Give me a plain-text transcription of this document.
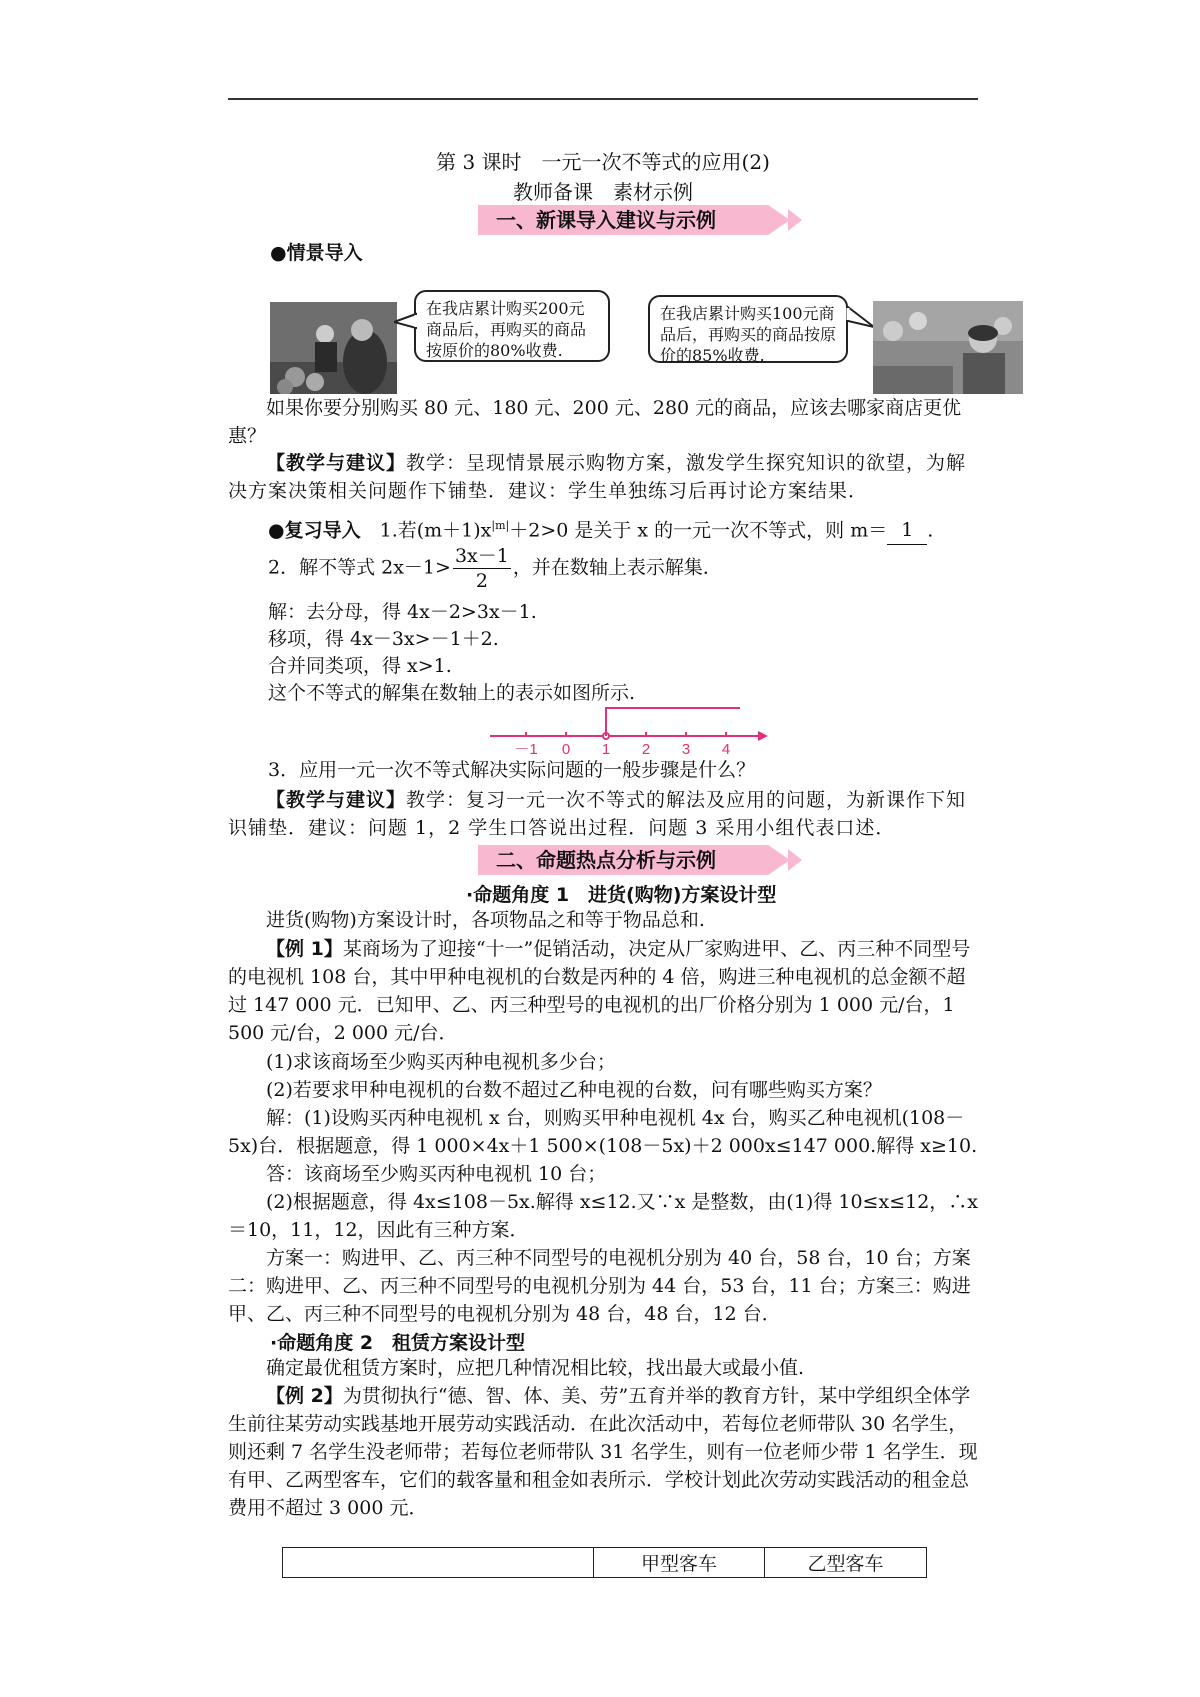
第 3 课时　一元一次不等式的应用(2)
教师备课　素材示例
一、新课导入建议与示例
●情景导入
在我店累计购买200元商品后，再购买的商品按原价的80%收费.
在我店累计购买100元商品后，再购买的商品按原价的85%收费.
如果你要分别购买 80 元、180 元、200 元、280 元的商品，应该去哪家商店更优惠？
【教学与建议】教学：呈现情景展示购物方案，激发学生探究知识的欲望，为解决方案决策相关问题作下铺垫．建议：学生单独练习后再讨论方案结果．
●复习导入　 1.若$(m+1)x^{|m|}+2>0$ 是关于 x 的一元一次不等式，则 m＝ 1 .
2．解不等式 $2x-1> \frac{3x-1}{2}$ ，并在数轴上表示解集．
解：去分母，得 4x－2>3x－1.
移项，得 4x－3x>－1＋2.
合并同类项，得 x>1.
这个不等式的解集在数轴上的表示如图所示.
－1 0 1 2 3 4
3．应用一元一次不等式解决实际问题的一般步骤是什么？
【教学与建议】教学：复习一元一次不等式的解法及应用的问题，为新课作下知识铺垫．建议：问题 1，2 学生口答说出过程．问题 3 采用小组代表口述．
二、命题热点分析与示例
·命题角度 1　进货(购物)方案设计型
进货(购物)方案设计时，各项物品之和等于物品总和.
【例 1】某商场为了迎接“十一”促销活动，决定从厂家购进甲、乙、丙三种不同型号的电视机 108 台，其中甲种电视机的台数是丙种的 4 倍，购进三种电视机的总金额不超过 147 000 元．已知甲、乙、丙三种型号的电视机的出厂价格分别为 1 000 元/台，1 500 元/台，2 000 元/台．
(1)求该商场至少购买丙种电视机多少台；
(2)若要求甲种电视机的台数不超过乙种电视的台数，问有哪些购买方案？
解：(1)设购买丙种电视机 x 台，则购买甲种电视机 4x 台，购买乙种电视机(108－5x)台．根据题意，得 1 000×4x＋1 500×(108－5x)＋2 000x≤147 000.解得 x≥10.
答：该商场至少购买丙种电视机 10 台；
(2)根据题意，得 4x≤108－5x.解得 x≤12.又∵x 是整数，由(1)得 10≤x≤12，∴x＝10，11，12，因此有三种方案．
方案一：购进甲、乙、丙三种不同型号的电视机分别为 40 台，58 台，10 台；方案二：购进甲、乙、丙三种不同型号的电视机分别为 44 台，53 台，11 台；方案三：购进甲、乙、丙三种不同型号的电视机分别为 48 台，48 台，12 台．
·命题角度 2　租赁方案设计型
确定最优租赁方案时，应把几种情况相比较，找出最大或最小值.
【例 2】为贯彻执行“德、智、体、美、劳”五育并举的教育方针，某中学组织全体学生前往某劳动实践基地开展劳动实践活动．在此次活动中，若每位老师带队 30 名学生，则还剩 7 名学生没老师带；若每位老师带队 31 名学生，则有一位老师少带 1 名学生．现有甲、乙两型客车，它们的载客量和租金如表所示．学校计划此次劳动实践活动的租金总费用不超过 3 000 元．
	甲型客车	乙型客车
